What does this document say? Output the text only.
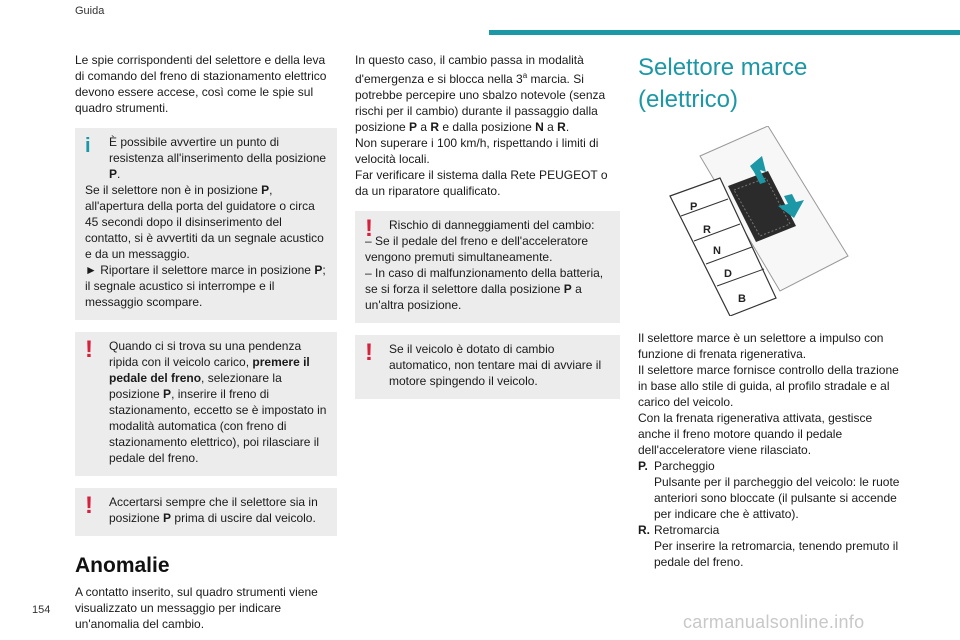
Guida

Le spie corrispondenti del selettore e della leva di comando del freno di stazionamento elettrico devono essere accese, così come le spie sul quadro strumenti.

i	È possibile avvertire un punto di resistenza all'inserimento della posizione P.
Se il selettore non è in posizione P, all'apertura della porta del guidatore o circa 45 secondi dopo il disinserimento del contatto, si è avvertiti da un segnale acustico e da un messaggio.
► Riportare il selettore marce in posizione P; il segnale acustico si interrompe e il messaggio scompare.
!	Quando ci si trova su una pendenza ripida con il veicolo carico, premere il pedale del freno, selezionare la posizione P, inserire il freno di stazionamento, eccetto se è impostato in modalità automatica (con freno di stazionamento elettrico), poi rilasciare il pedale del freno.
!	Accertarsi sempre che il selettore sia in posizione P prima di uscire dal veicolo.
Anomalie

A contatto inserito, sul quadro strumenti viene visualizzato un messaggio per indicare un'anomalia del cambio.

In questo caso, il cambio passa in modalità d'emergenza e si blocca nella 3$^a$ marcia. Si potrebbe percepire uno sbalzo notevole (senza rischi per il cambio) durante il passaggio dalla posizione P a R e dalla posizione N a R.

Non superare i 100 km/h, rispettando i limiti di velocità locali.

Far verificare il sistema dalla Rete PEUGEOT o da un riparatore qualificato.

!	Rischio di danneggiamenti del cambio:
– Se il pedale del freno e dell'acceleratore vengono premuti simultaneamente.
– In caso di malfunzionamento della batteria, se si forza il selettore dalla posizione P a un'altra posizione.
!	Se il veicolo è dotato di cambio automatico, non tentare mai di avviare il motore spingendo il veicolo.
Selettore marce (elettrico)
P
R
N
D
B

Il selettore marce è un selettore a impulso con funzione di frenata rigenerativa.

Il selettore marce fornisce controllo della trazione in base allo stile di guida, al profilo stradale e al carico del veicolo.

Con la frenata rigenerativa attivata, gestisce anche il freno motore quando il pedale dell'acceleratore viene rilasciato.

P. Parcheggio
Pulsante per il parcheggio del veicolo: le ruote anteriori sono bloccate (il pulsante si accende per indicare che è attivato).
R. Retromarcia
Per inserire la retromarcia, tenendo premuto il pedale del freno.
154
carmanualsonline.info
